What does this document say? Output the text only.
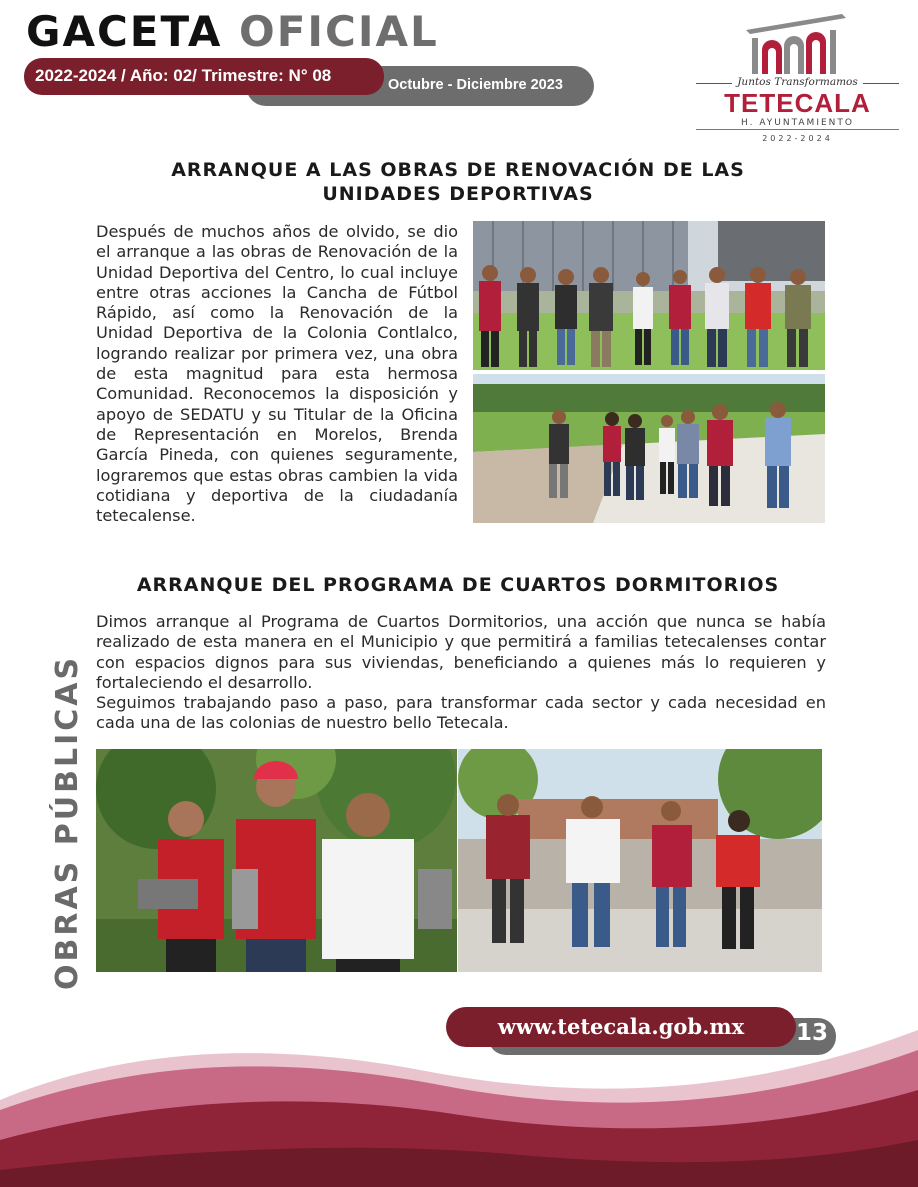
GACETA OFICIAL
Octubre - Diciembre 2023
2022-2024 / Año: 02/ Trimestre: N° 08	Juntos Transformamos
TETECALA
H. AYUNTAMIENTO
2022-2024
ARRANQUE A LAS OBRAS DE RENOVACIÓN DE LAS UNIDADES DEPORTIVAS

Después de muchos años de olvido, se dio el arranque a las obras de Renovación de la Unidad Deportiva del Centro, lo cual incluye entre otras acciones la Cancha de Fútbol Rápido, así como la Renovación de la Unidad Deportiva de la Colonia Contlalco, logrando realizar por primera vez, una obra de esta magnitud para esta hermosa Comunidad. Reconocemos la disposición y apoyo de SEDATU y su Titular de la Oficina de Representación en Morelos, Brenda García Pineda, con quienes seguramente, lograremos que estas obras cambien la vida cotidiana y deportiva de la ciudadanía tetecalense.

ARRANQUE DEL PROGRAMA DE CUARTOS DORMITORIOS

Dimos arranque al Programa de Cuartos Dormitorios, una acción que nunca se había realizado de esta manera en el Municipio y que permitirá a familias tetecalenses contar con espacios dignos para sus viviendas, beneficiando a quienes más lo requieren y fortaleciendo el desarrollo.

Seguimos trabajando paso a paso, para transformar cada sector y cada necesidad en cada una de las colonias de nuestro bello Tetecala.

OBRAS PÚBLICAS
www.tetecala.gob.mx	13
